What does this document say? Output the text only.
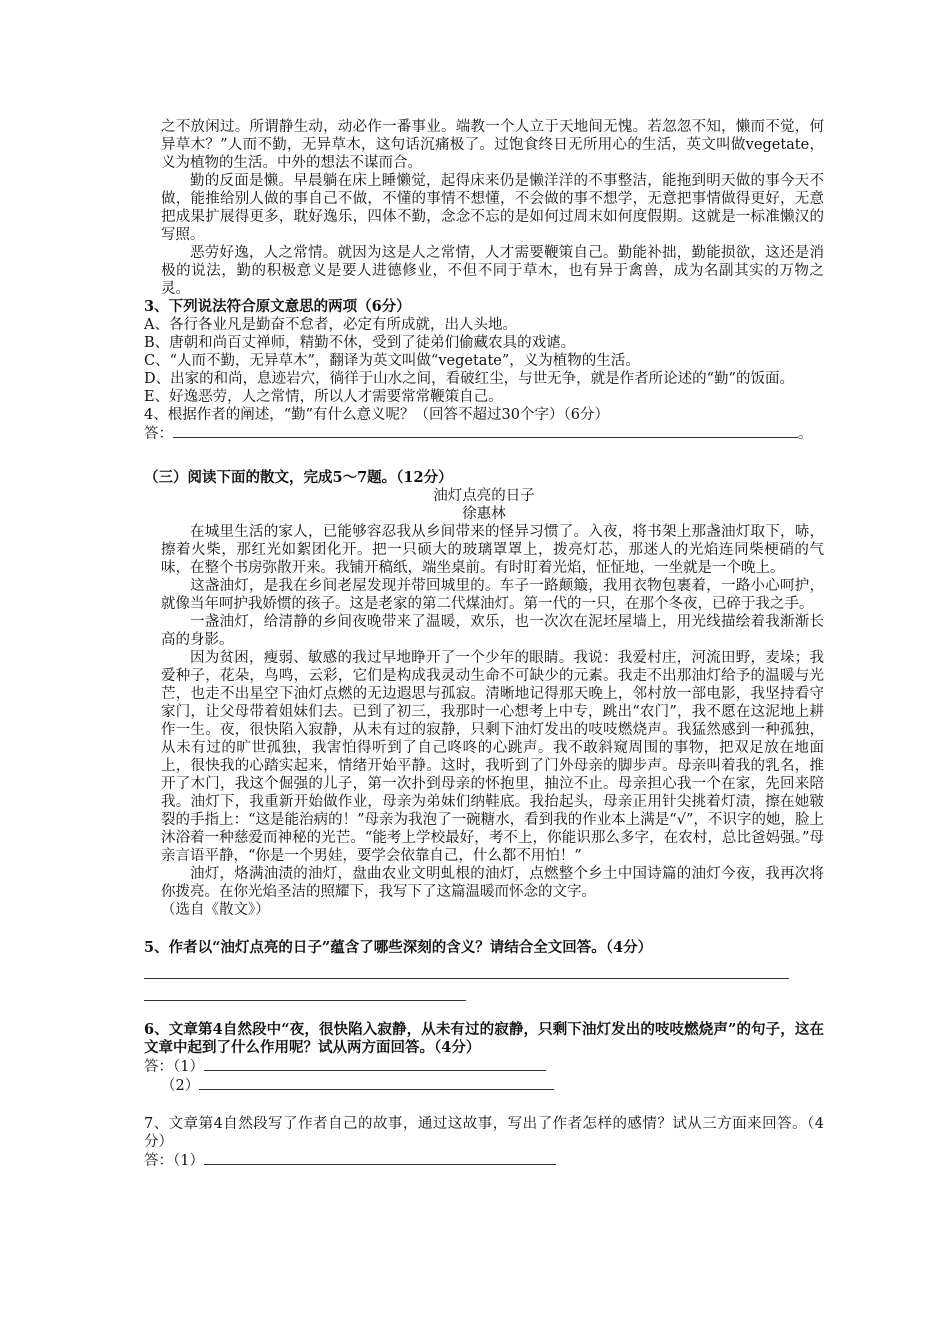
之不放闲过。所谓静生动，动必作一番事业。端教一个人立于天地间无愧。若忽忽不知，懒而不觉，何异草木？”人而不勤，无异草木，这句话沉痛极了。过饱食终日无所用心的生活，英文叫做vegetate，义为植物的生活。中外的想法不谋而合。

勤的反面是懒。早晨躺在床上睡懒觉，起得床来仍是懒洋洋的不事整洁，能拖到明天做的事今天不做，能推给别人做的事自己不做，不懂的事情不想懂，不会做的事不想学，无意把事情做得更好，无意把成果扩展得更多，耽好逸乐，四体不勤，念念不忘的是如何过周末如何度假期。这就是一标准懒汉的写照。

恶劳好逸，人之常情。就因为这是人之常情，人才需要鞭策自己。勤能补拙，勤能损欲，这还是消极的说法，勤的积极意义是要人进德修业，不但不同于草木，也有异于禽兽，成为名副其实的万物之灵。

3、下列说法符合原文意思的两项（6分）

A、各行各业凡是勤奋不怠者，必定有所成就，出人头地。

B、唐朝和尚百丈禅师，精勤不休，受到了徒弟们偷藏农具的戏谑。

C、“人而不勤，无异草木”，翻译为英文叫做“vegetate”，义为植物的生活。

D、出家的和尚，息迹岩穴，徜徉于山水之间，看破红尘，与世无争，就是作者所论述的“勤”的饭面。

E、好逸恶劳，人之常情，所以人才需要常常鞭策自己。

4、根据作者的阐述，“勤”有什么意义呢？（回答不超过30个字）（6分）

答：	。

（三）阅读下面的散文，完成5～7题。（12分）

油灯点亮的日子

徐惠林

在城里生活的家人，已能够容忍我从乡间带来的怪异习惯了。入夜，将书架上那盏油灯取下，哧，擦着火柴，那红光如絮团化开。把一只硕大的玻璃罩罩上，拨亮灯芯，那迷人的光焰连同柴梗硝的气味，在整个书房弥散开来。我铺开稿纸，端坐桌前。有时盯着光焰，怔怔地，一坐就是一个晚上。

这盏油灯，是我在乡间老屋发现并带回城里的。车子一路颠簸，我用衣物包裹着，一路小心呵护，就像当年呵护我娇惯的孩子。这是老家的第二代煤油灯。第一代的一只，在那个冬夜，已碎于我之手。

一盏油灯，给清静的乡间夜晚带来了温暖，欢乐，也一次次在泥坯屋墙上，用光线描绘着我渐渐长高的身影。

因为贫困，瘦弱、敏感的我过早地睁开了一个少年的眼睛。我说：我爱村庄，河流田野，麦垛；我爱种子，花朵，鸟鸣，云彩，它们是构成我灵动生命不可缺少的元素。我走不出那油灯给予的温暖与光芒，也走不出星空下油灯点燃的无边遐思与孤寂。清晰地记得那天晚上，邻村放一部电影，我坚持看守家门，让父母带着姐妹们去。已到了初三，我那时一心想考上中专，跳出“农门”，我不愿在这泥地上耕作一生。夜，很快陷入寂静，从未有过的寂静，只剩下油灯发出的吱吱燃烧声。我猛然感到一种孤独，从未有过的旷世孤独，我害怕得听到了自己咚咚的心跳声。我不敢斜窥周围的事物，把双足放在地面上，很快我的心踏实起来，情绪开始平静。这时，我听到了门外母亲的脚步声。母亲叫着我的乳名，推开了木门，我这个倔强的儿子，第一次扑到母亲的怀抱里，抽泣不止。母亲担心我一个在家，先回来陪我。油灯下，我重新开始做作业，母亲为弟妹们纳鞋底。我抬起头，母亲正用针尖挑着灯渍，擦在她皲裂的手指上：“这是能治病的！”母亲为我泡了一碗糖水，看到我的作业本上满是“√”，不识字的她，脸上沐浴着一种慈爱而神秘的光芒。“能考上学校最好，考不上，你能识那么多字，在农村，总比爸妈强。”母亲言语平静，“你是一个男娃，要学会依靠自己，什么都不用怕！”

油灯，烙满油渍的油灯，盘曲农业文明虬根的油灯，点燃整个乡土中国诗篇的油灯今夜，我再次将你拨亮。在你光焰圣洁的照耀下，我写下了这篇温暖而怀念的文字。

（选自《散文》）

5、作者以“油灯点亮的日子”蕴含了哪些深刻的含义？请结合全文回答。（4分）

6、文章第4自然段中“夜，很快陷入寂静，从未有过的寂静，只剩下油灯发出的吱吱燃烧声”的句子，这在文章中起到了什么作用呢？试从两方面回答。（4分）

答：（1）

（2）

7、文章第4自然段写了作者自己的故事，通过这故事，写出了作者怎样的感情？试从三方面来回答。（4分）

答：（1）
